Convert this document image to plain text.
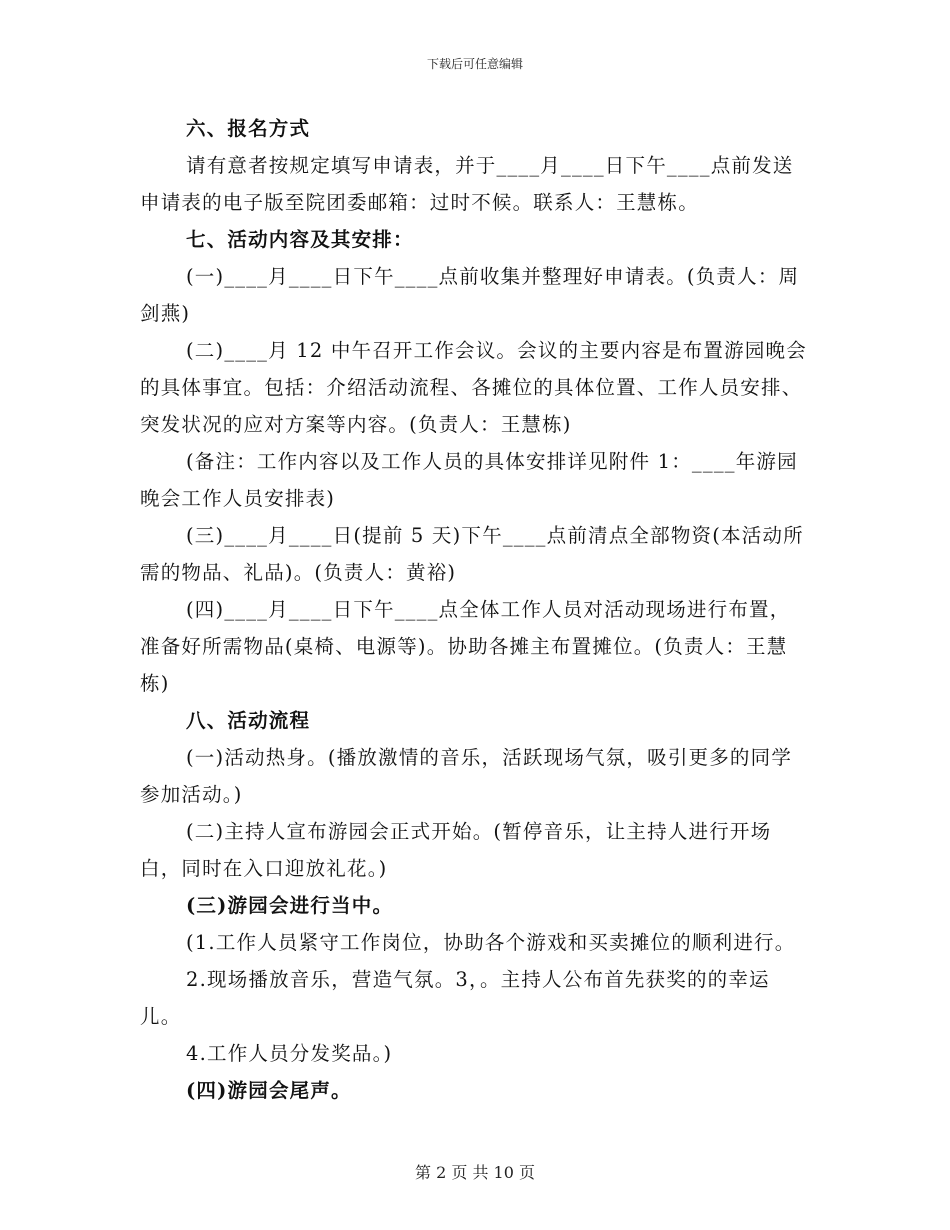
下载后可任意编辑

六、报名方式

请有意者按规定填写申请表，并于____月____日下午____点前发送申请表的电子版至院团委邮箱：过时不候。联系人：王慧栋。

七、活动内容及其安排：

(一)____月____日下午____点前收集并整理好申请表。(负责人：周剑燕)

(二)____月 12 中午召开工作会议。会议的主要内容是布置游园晚会的具体事宜。包括：介绍活动流程、各摊位的具体位置、工作人员安排、突发状况的应对方案等内容。(负责人：王慧栋)

(备注：工作内容以及工作人员的具体安排详见附件 1：____年游园晚会工作人员安排表)

(三)____月____日(提前 5 天)下午____点前清点全部物资(本活动所需的物品、礼品)。(负责人：黄裕)

(四)____月____日下午____点全体工作人员对活动现场进行布置，准备好所需物品(桌椅、电源等)。协助各摊主布置摊位。(负责人：王慧栋)

八、活动流程

(一)活动热身。(播放激情的音乐，活跃现场气氛，吸引更多的同学参加活动。)

(二)主持人宣布游园会正式开始。(暂停音乐，让主持人进行开场白，同时在入口迎放礼花。)

(三)游园会进行当中。

(1.工作人员紧守工作岗位，协助各个游戏和买卖摊位的顺利进行。

2.现场播放音乐，营造气氛。3，。主持人公布首先获奖的的幸运儿。

4.工作人员分发奖品。)

(四)游园会尾声。

第 2 页 共 10 页
